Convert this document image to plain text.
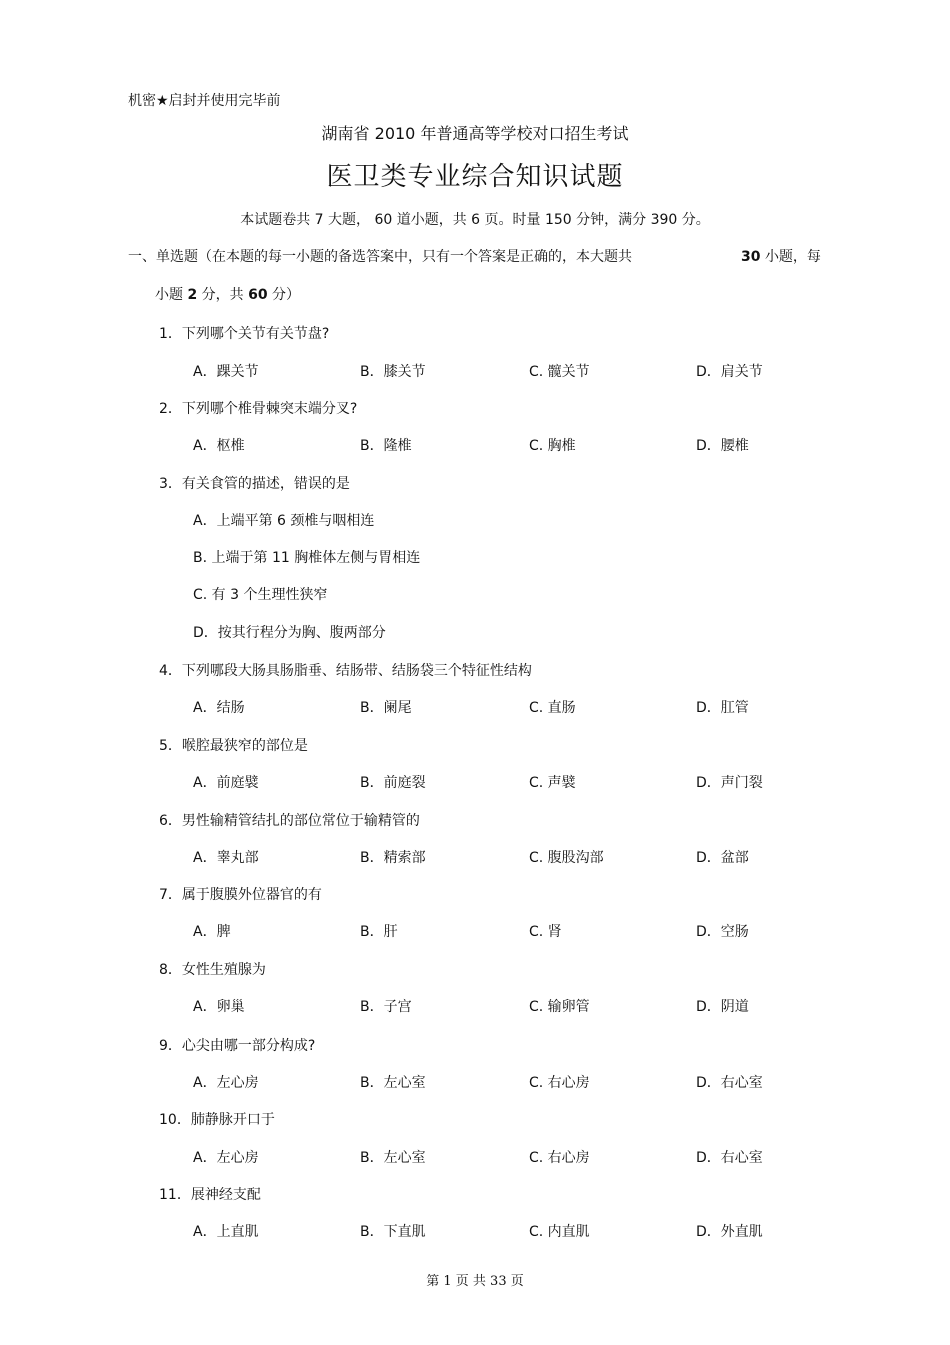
机密★启封并使用完毕前
湖南省 2010 年普通高等学校对口招生考试
医卫类专业综合知识试题
本试题卷共 7 大题， 60 道小题，共 6 页。时量 150 分钟，满分 390 分。
一、单选题（在本题的每一小题的备选答案中，只有一个答案是正确的，本大题共	30 小题，每
小题 2 分，共 60 分）
1．下列哪个关节有关节盘?
A．踝关节	B．膝关节	C. 髋关节	D．肩关节
2．下列哪个椎骨棘突末端分叉?
A．枢椎	B．隆椎	C. 胸椎	D．腰椎
3．有关食管的描述，错误的是
A．上端平第 6 颈椎与咽相连
B. 上端于第 11 胸椎体左侧与胃相连
C. 有 3 个生理性狭窄
D．按其行程分为胸、腹两部分
4．下列哪段大肠具肠脂垂、结肠带、结肠袋三个特征性结构
A．结肠	B．阑尾	C. 直肠	D．肛管
5．喉腔最狭窄的部位是
A．前庭襞	B．前庭裂	C. 声襞	D．声门裂
6．男性输精管结扎的部位常位于输精管的
A．睾丸部	B．精索部	C. 腹股沟部	D．盆部
7．属于腹膜外位器官的有
A．脾	B．肝	C. 肾	D．空肠
8．女性生殖腺为
A．卵巢	B．子宫	C. 输卵管	D．阴道
9．心尖由哪一部分构成?
A．左心房	B．左心室	C. 右心房	D．右心室
10．肺静脉开口于
A．左心房	B．左心室	C. 右心房	D．右心室
11．展神经支配
A．上直肌	B．下直肌	C. 内直肌	D．外直肌
第 1 页 共 33 页
